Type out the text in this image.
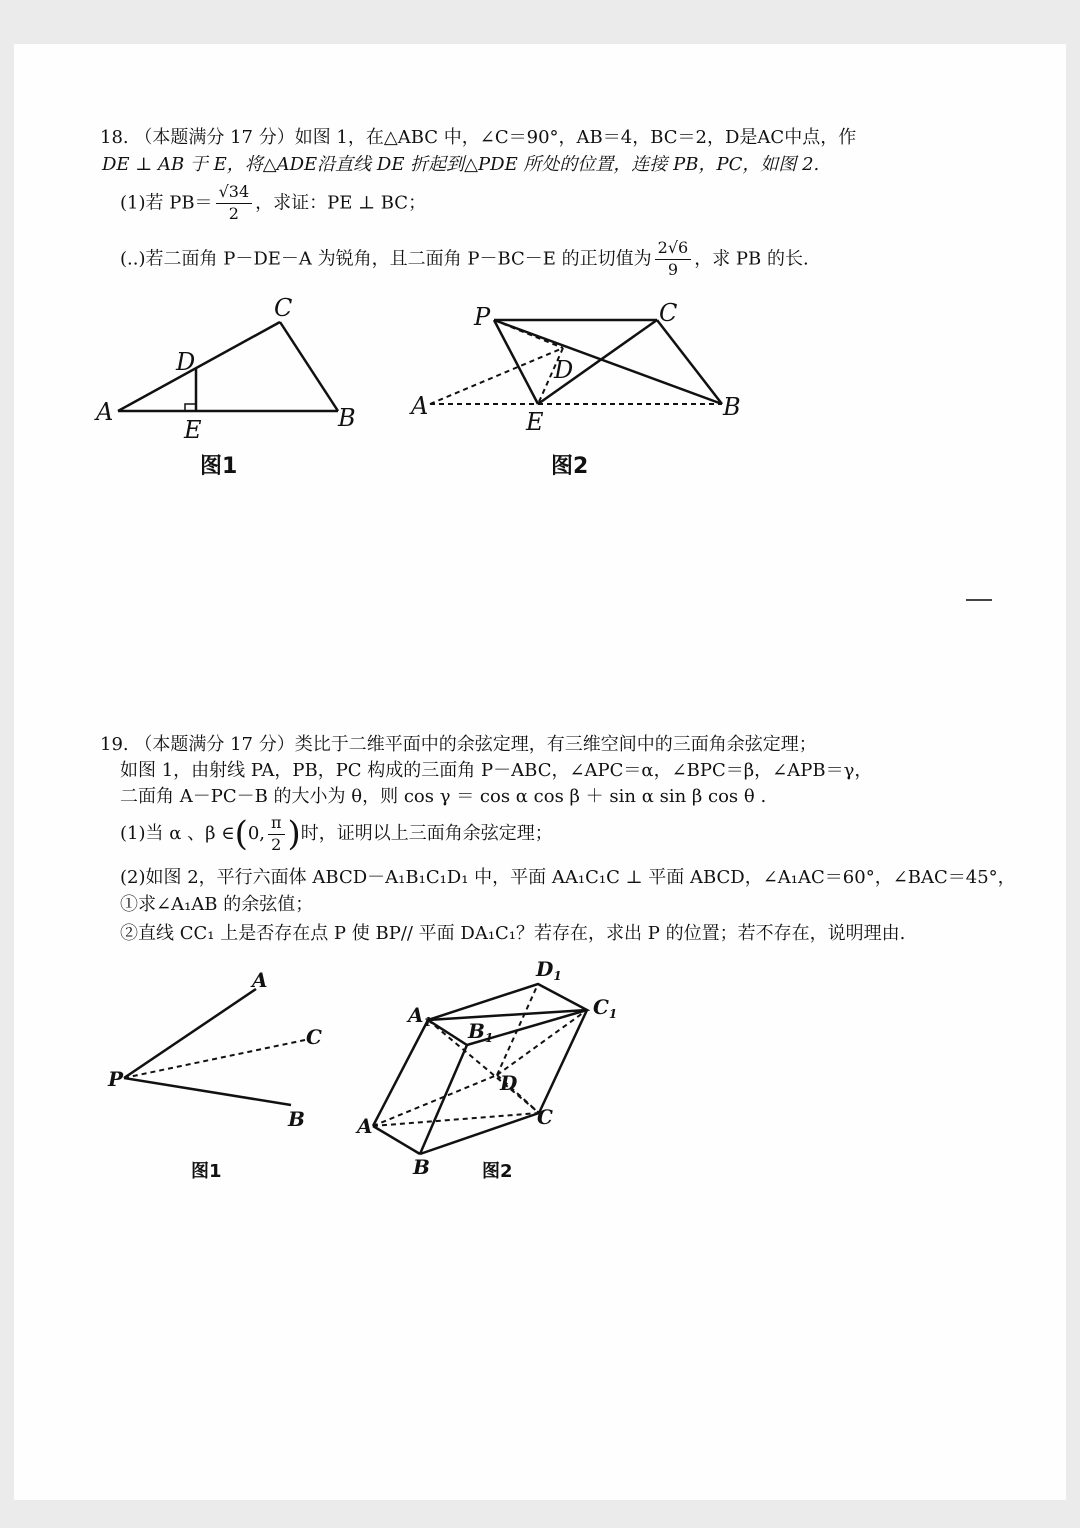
18. （本题满分 17 分）如图 1，在△ABC 中，∠C＝90°，AB＝4，BC＝2，D是AC中点，作
DE ⊥ AB 于 E，将△ADE沿直线 DE 折起到△PDE 所处的位置，连接 PB，PC，如图 2.
(1)若 $PB= \frac{√34}{2}$ ，求证：PE ⊥ BC；
(..)若二面角 P－DE－A 为锐角，且二面角 P－BC－E 的正切值为 $\frac{2√6}{9}$ ，求 PB 的长.
A
C
D
B
E
P	C
D
A
E
B
图1	图2
19. （本题满分 17 分）类比于二维平面中的余弦定理，有三维空间中的三面角余弦定理；
如图 1，由射线 PA，PB，PC 构成的三面角 P－ABC，∠APC＝α，∠BPC＝β，∠APB＝γ，
二面角 A－PC－B 的大小为 θ，则 cos γ ＝ cos α cos β ＋ sin α sin β cos θ .
(1)当 α 、β ∈(0, $\frac{\pi}{2}$ )时，证明以上三面角余弦定理；
(2)如图 2，平行六面体 ABCD－A₁B₁C₁D₁ 中，平面 AA₁C₁C ⊥ 平面 ABCD，∠A₁AC＝60°，∠BAC＝45°，
①求∠A₁AB 的余弦值；
②直线 CC₁ 上是否存在点 P 使 BP// 平面 DA₁C₁？若存在，求出 P 的位置；若不存在，说明理由.
A
C
P
B
$D_1$
$A_1$ $B_1$
$C_1$
D
A	C
B
图1	图2
